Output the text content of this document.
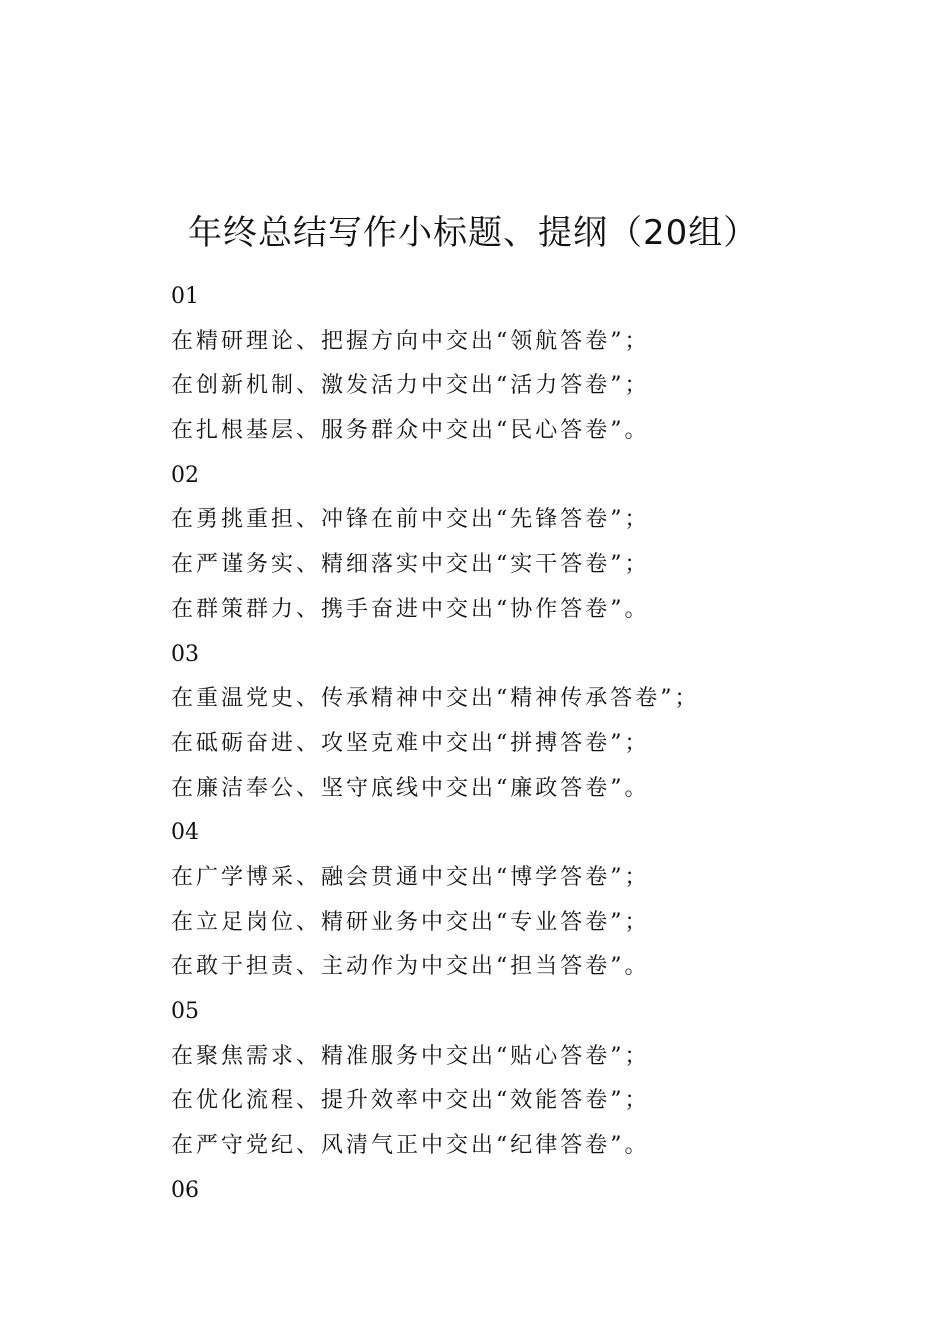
年终总结写作小标题、提纲（20组）
01
在精研理论、把握方向中交出“领航答卷”；
在创新机制、激发活力中交出“活力答卷”；
在扎根基层、服务群众中交出“民心答卷”。
02
在勇挑重担、冲锋在前中交出“先锋答卷”；
在严谨务实、精细落实中交出“实干答卷”；
在群策群力、携手奋进中交出“协作答卷”。
03
在重温党史、传承精神中交出“精神传承答卷”；
在砥砺奋进、攻坚克难中交出“拼搏答卷”；
在廉洁奉公、坚守底线中交出“廉政答卷”。
04
在广学博采、融会贯通中交出“博学答卷”；
在立足岗位、精研业务中交出“专业答卷”；
在敢于担责、主动作为中交出“担当答卷”。
05
在聚焦需求、精准服务中交出“贴心答卷”；
在优化流程、提升效率中交出“效能答卷”；
在严守党纪、风清气正中交出“纪律答卷”。
06
